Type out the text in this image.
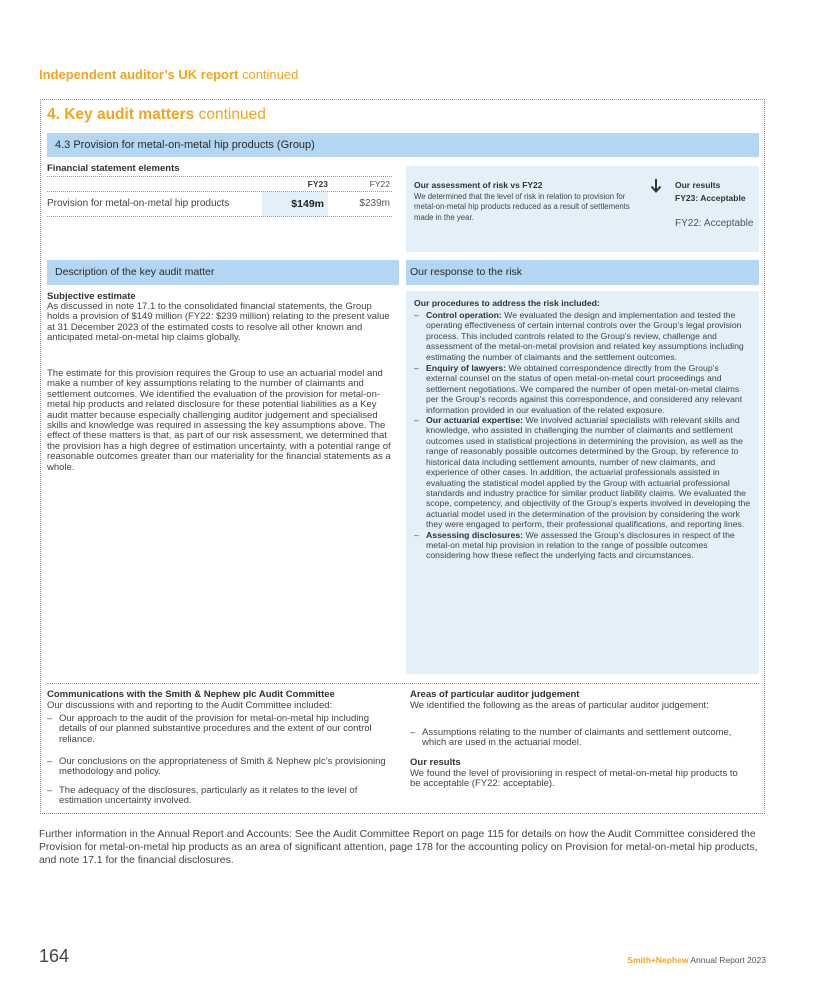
Independent auditor’s UK report continued
4. Key audit matters continued
4.3 Provision for metal-on-metal hip products (Group)
Financial statement elements
FY23	FY22
Provision for metal-on-metal hip products	$149m	$239m
Our assessment of risk vs FY22
We determined that the level of risk in relation to provision for metal-on-metal hip products reduced as a result of settlements made in the year.
Our results
FY23: Acceptable
FY22: Acceptable
Description of the key audit matter	Our response to the risk
Subjective estimate
As discussed in note 17.1 to the consolidated financial statements, the Group holds a provision of $149 million (FY22: $239 million) relating to the present value at 31 December 2023 of the estimated costs to resolve all other known and anticipated metal-on-metal hip claims globally.
The estimate for this provision requires the Group to use an actuarial model and make a number of key assumptions relating to the number of claimants and settlement outcomes. We identified the evaluation of the provision for metal-on-metal hip products and related disclosure for these potential liabilities as a Key audit matter because especially challenging auditor judgement and specialised skills and knowledge was required in assessing the key assumptions above. The effect of these matters is that, as part of our risk assessment, we determined that the provision has a high degree of estimation uncertainty, with a potential range of reasonable outcomes greater than our materiality for the financial statements as a whole.
Our procedures to address the risk included:
– Control operation: We evaluated the design and implementation and tested the operating effectiveness of certain internal controls over the Group’s legal provision process. This included controls related to the Group’s review, challenge and assessment of the metal-on-metal provision and related key assumptions including estimating the number of claimants and the settlement outcomes.
– Enquiry of lawyers: We obtained correspondence directly from the Group’s external counsel on the status of open metal-on-metal court proceedings and settlement negotiations. We compared the number of open metal-on-metal claims per the Group’s records against this correspondence, and considered any relevant information provided in our evaluation of the related exposure.
– Our actuarial expertise: We involved actuarial specialists with relevant skills and knowledge, who assisted in challenging the number of claimants and settlement outcomes used in statistical projections in determining the provision, as well as the range of reasonably possible outcomes determined by the Group, by reference to historical data including settlement amounts, number of new claimants, and experience of other cases. In addition, the actuarial professionals assisted in evaluating the statistical model applied by the Group with actuarial professional standards and industry practice for similar product liability claims. We evaluated the scope, competency, and objectivity of the Group’s experts involved in developing the actuarial model used in the determination of the provision by considering the work they were engaged to perform, their professional qualifications, and reporting lines.
– Assessing disclosures: We assessed the Group’s disclosures in respect of the metal-on metal hip provision in relation to the range of possible outcomes considering how these reflect the underlying facts and circumstances.
Communications with the Smith & Nephew plc Audit Committee
Our discussions with and reporting to the Audit Committee included:
– Our approach to the audit of the provision for metal-on-metal hip including details of our planned substantive procedures and the extent of our control reliance.
– Our conclusions on the appropriateness of Smith & Nephew plc’s provisioning methodology and policy.
– The adequacy of the disclosures, particularly as it relates to the level of estimation uncertainty involved.
Areas of particular auditor judgement
We identified the following as the areas of particular auditor judgement:
– Assumptions relating to the number of claimants and settlement outcome, which are used in the actuarial model.
Our results
We found the level of provisioning in respect of metal-on-metal hip products to be acceptable (FY22: acceptable).
Further information in the Annual Report and Accounts: See the Audit Committee Report on page 115 for details on how the Audit Committee considered the Provision for metal-on-metal hip products as an area of significant attention, page 178 for the accounting policy on Provision for metal-on-metal hip products, and note 17.1 for the financial disclosures.
164	Smith+Nephew Annual Report 2023
